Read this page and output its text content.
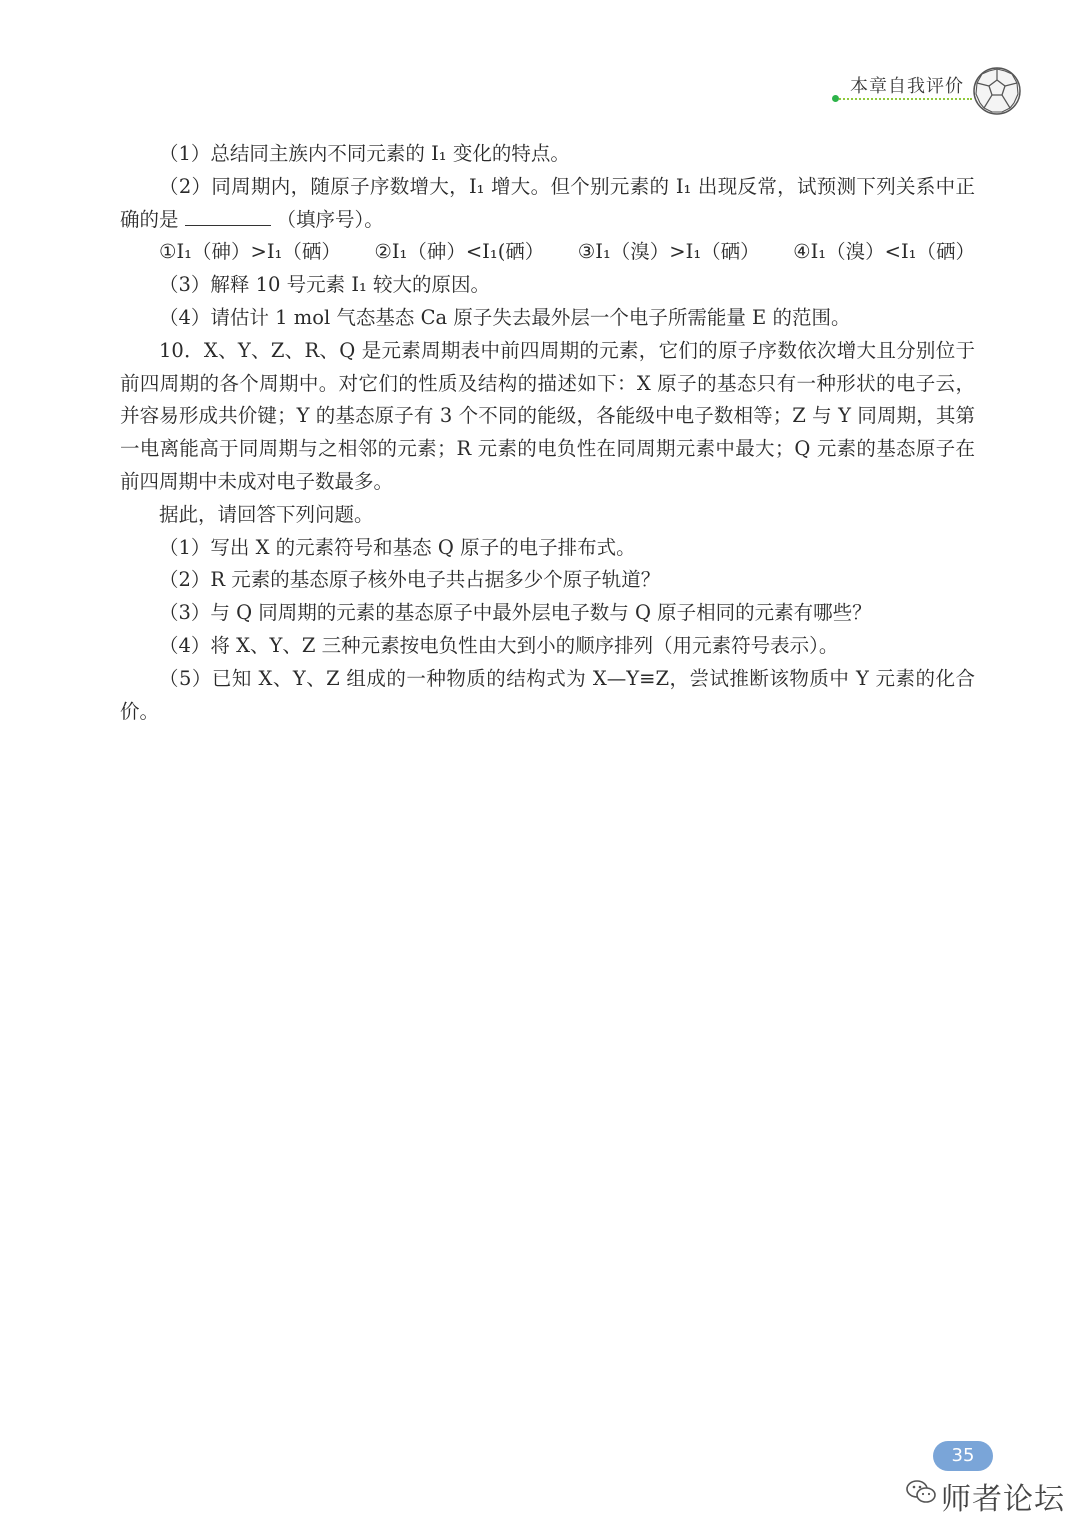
本章自我评价

（1）总结同主族内不同元素的 I₁ 变化的特点。

（2）同周期内，随原子序数增大，I₁ 增大。但个别元素的 I₁ 出现反常，试预测下列关系中正确的是	（填序号）。

①I₁（砷）>I₁（硒） ②I₁（砷）<I₁(硒） ③I₁（溴）>I₁（硒） ④I₁（溴）<I₁（硒）

（3）解释 10 号元素 I₁ 较大的原因。

（4）请估计 1 mol 气态基态 Ca 原子失去最外层一个电子所需能量 E 的范围。

10．X、Y、Z、R、Q 是元素周期表中前四周期的元素，它们的原子序数依次增大且分别位于前四周期的各个周期中。对它们的性质及结构的描述如下：X 原子的基态只有一种形状的电子云，并容易形成共价键；Y 的基态原子有 3 个不同的能级，各能级中电子数相等；Z 与 Y 同周期，其第一电离能高于同周期与之相邻的元素；R 元素的电负性在同周期元素中最大；Q 元素的基态原子在前四周期中未成对电子数最多。

据此，请回答下列问题。

（1）写出 X 的元素符号和基态 Q 原子的电子排布式。

（2）R 元素的基态原子核外电子共占据多少个原子轨道？

（3）与 Q 同周期的元素的基态原子中最外层电子数与 Q 原子相同的元素有哪些？

（4）将 X、Y、Z 三种元素按电负性由大到小的顺序排列（用元素符号表示）。

（5）已知 X、Y、Z 组成的一种物质的结构式为 X—Y≡Z，尝试推断该物质中 Y 元素的化合价。

35
师者论坛
